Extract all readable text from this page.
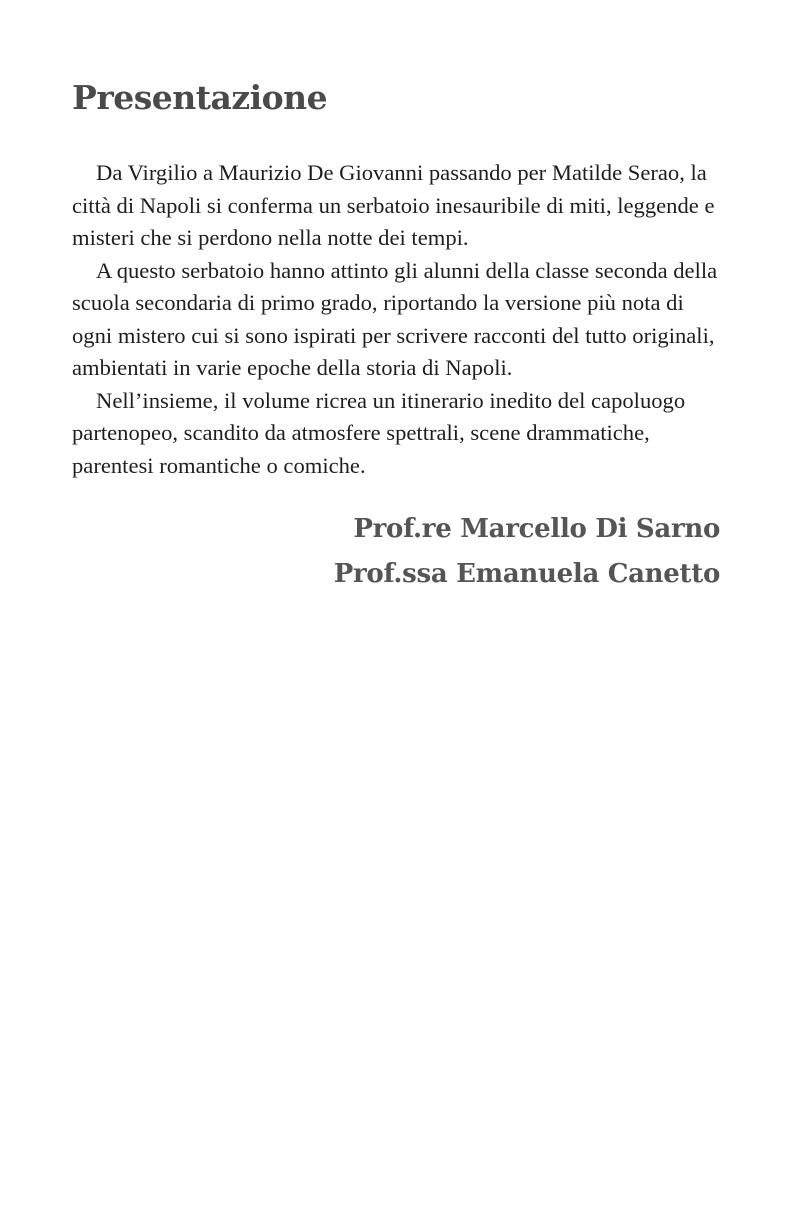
Presentazione

Da Virgilio a Maurizio De Giovanni passando per Matilde Serao, la città di Napoli si conferma un serbatoio inesauribile di miti, leggende e misteri che si perdono nella notte dei tempi.

A questo serbatoio hanno attinto gli alunni della classe seconda della scuola secondaria di primo grado, riportando la versione più nota di ogni mistero cui si sono ispirati per scrivere racconti del tutto originali, ambientati in varie epoche della storia di Napoli.

Nell’insieme, il volume ricrea un itinerario inedito del capoluogo partenopeo, scandito da atmosfere spettrali, scene drammatiche, parentesi romantiche o comiche.

Prof.re Marcello Di Sarno
Prof.ssa Emanuela Canetto
